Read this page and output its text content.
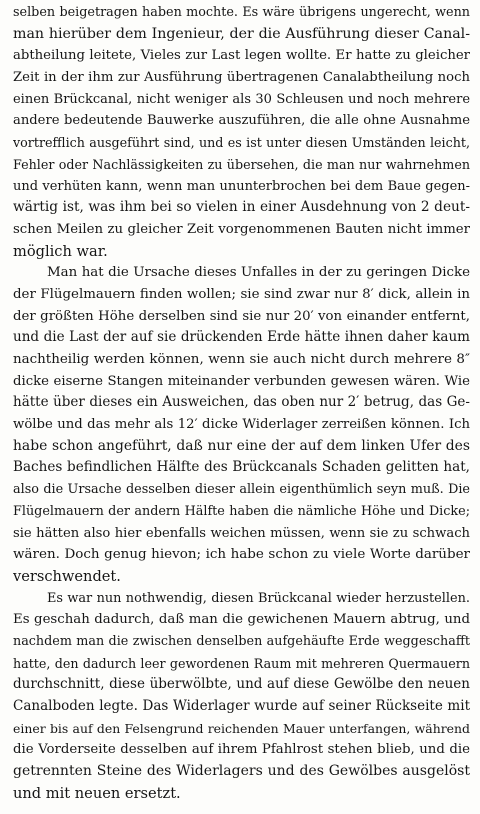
selben beigetragen haben mochte. Es wäre übrigens ungerecht, wenn
man hierüber dem Ingenieur, der die Ausführung dieser Canal-
abtheilung leitete, Vieles zur Last legen wollte. Er hatte zu gleicher
Zeit in der ihm zur Ausführung übertragenen Canalabtheilung noch
einen Brückcanal, nicht weniger als 30 Schleusen und noch mehrere
andere bedeutende Bauwerke auszuführen, die alle ohne Ausnahme
vortrefflich ausgeführt sind, und es ist unter diesen Umständen leicht,
Fehler oder Nachlässigkeiten zu übersehen, die man nur wahrnehmen
und verhüten kann, wenn man ununterbrochen bei dem Baue gegen-
wärtig ist, was ihm bei so vielen in einer Ausdehnung von 2 deut-
schen Meilen zu gleicher Zeit vorgenommenen Bauten nicht immer
möglich war.
Man hat die Ursache dieses Unfalles in der zu geringen Dicke
der Flügelmauern finden wollen; sie sind zwar nur 8′ dick, allein in
der größten Höhe derselben sind sie nur 20′ von einander entfernt,
und die Last der auf sie drückenden Erde hätte ihnen daher kaum
nachtheilig werden können, wenn sie auch nicht durch mehrere 8″
dicke eiserne Stangen miteinander verbunden gewesen wären. Wie
hätte über dieses ein Ausweichen, das oben nur 2′ betrug, das Ge-
wölbe und das mehr als 12′ dicke Widerlager zerreißen können. Ich
habe schon angeführt, daß nur eine der auf dem linken Ufer des
Baches befindlichen Hälfte des Brückcanals Schaden gelitten hat,
also die Ursache desselben dieser allein eigenthümlich seyn muß. Die
Flügelmauern der andern Hälfte haben die nämliche Höhe und Dicke;
sie hätten also hier ebenfalls weichen müssen, wenn sie zu schwach
wären. Doch genug hievon; ich habe schon zu viele Worte darüber
verschwendet.
Es war nun nothwendig, diesen Brückcanal wieder herzustellen.
Es geschah dadurch, daß man die gewichenen Mauern abtrug, und
nachdem man die zwischen denselben aufgehäufte Erde weggeschafft
hatte, den dadurch leer gewordenen Raum mit mehreren Quermauern
durchschnitt, diese überwölbte, und auf diese Gewölbe den neuen
Canalboden legte. Das Widerlager wurde auf seiner Rückseite mit
einer bis auf den Felsengrund reichenden Mauer unterfangen, während
die Vorderseite desselben auf ihrem Pfahlrost stehen blieb, und die
getrennten Steine des Widerlagers und des Gewölbes ausgelöst
und mit neuen ersetzt.
